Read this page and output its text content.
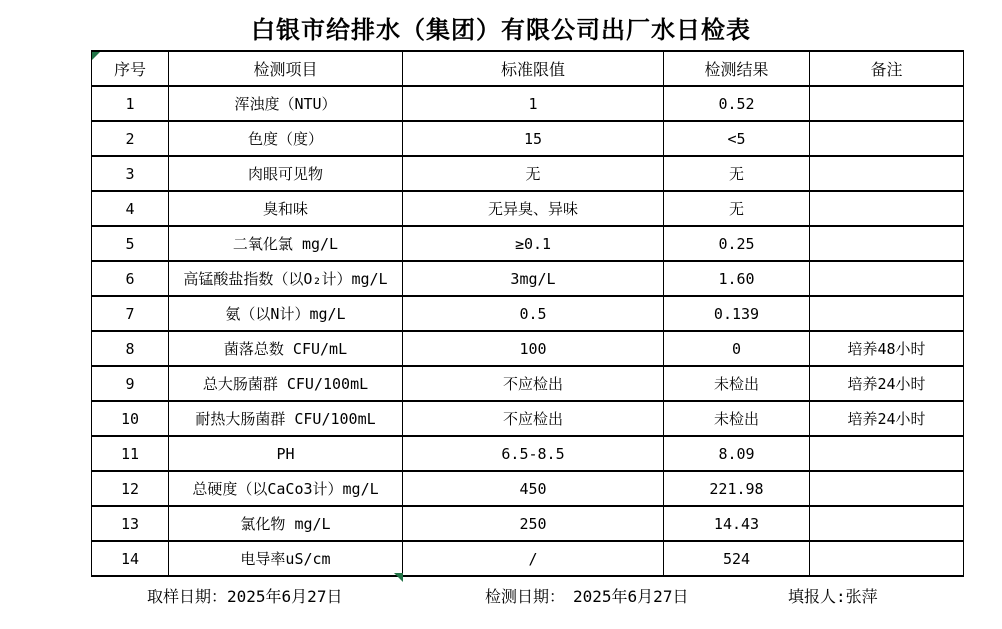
白银市给排水（集团）有限公司出厂水日检表
序号	检测项目	标准限值	检测结果	备注
1	浑浊度（NTU）	1	0.52	
2	色度（度）	15	<5	
3	肉眼可见物	无	无	
4	臭和味	无异臭、异味	无	
5	二氧化氯 mg/L	≥0.1	0.25	
6	高锰酸盐指数（以O₂计）mg/L	3mg/L	1.60	
7	氨（以N计）mg/L	0.5	0.139	
8	菌落总数 CFU/mL	100	0	培养48小时
9	总大肠菌群 CFU/100mL	不应检出	未检出	培养24小时
10	耐热大肠菌群 CFU/100mL	不应检出	未检出	培养24小时
11	PH	6.5-8.5	8.09	
12	总硬度（以CaCo3计）mg/L	450	221.98	
13	氯化物 mg/L	250	14.43	
14	电导率uS/cm	/	524	
取样日期：2025年6月27日	检测日期： 2025年6月27日	填报人:张萍
